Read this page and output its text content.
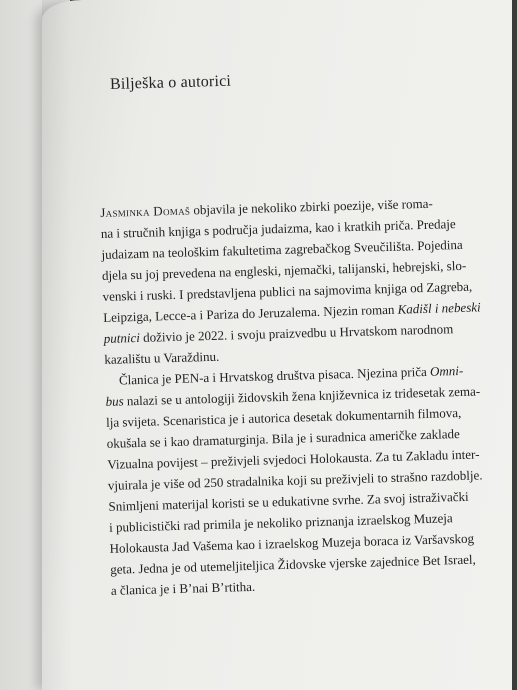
Bilješka o autorici
Jasminka Domaš objavila je nekoliko zbirki poezije, više roma-
na i stručnih knjiga s područja judaizma, kao i kratkih priča. Predaje
judaizam na teološkim fakultetima zagrebačkog Sveučilišta. Pojedina
djela su joj prevedena na engleski, njemački, talijanski, hebrejski, slo-
venski i ruski. I predstavljena publici na sajmovima knjiga od Zagreba,
Leipziga, Lecce-a i Pariza do Jeruzalema. Njezin roman Kadišl i nebeski
putnici doživio je 2022. i svoju praizvedbu u Hrvatskom narodnom
kazalištu u Varaždinu.
Članica je PEN-a i Hrvatskog društva pisaca. Njezina priča Omni-
bus nalazi se u antologiji židovskih žena književnica iz tridesetak zema-
lja svijeta. Scenaristica je i autorica desetak dokumentarnih filmova,
okušala se i kao dramaturginja. Bila je i suradnica američke zaklade
Vizualna povijest – preživjeli svjedoci Holokausta. Za tu Zakladu inter-
vjuirala je više od 250 stradalnika koji su preživjeli to strašno razdoblje.
Snimljeni materijal koristi se u edukativne svrhe. Za svoj istraživački
i publicistički rad primila je nekoliko priznanja izraelskog Muzeja
Holokausta Jad Vašema kao i izraelskog Muzeja boraca iz Varšavskog
geta. Jedna je od utemeljiteljica Židovske vjerske zajednice Bet Israel,
a članica je i B’nai B’rtitha.
